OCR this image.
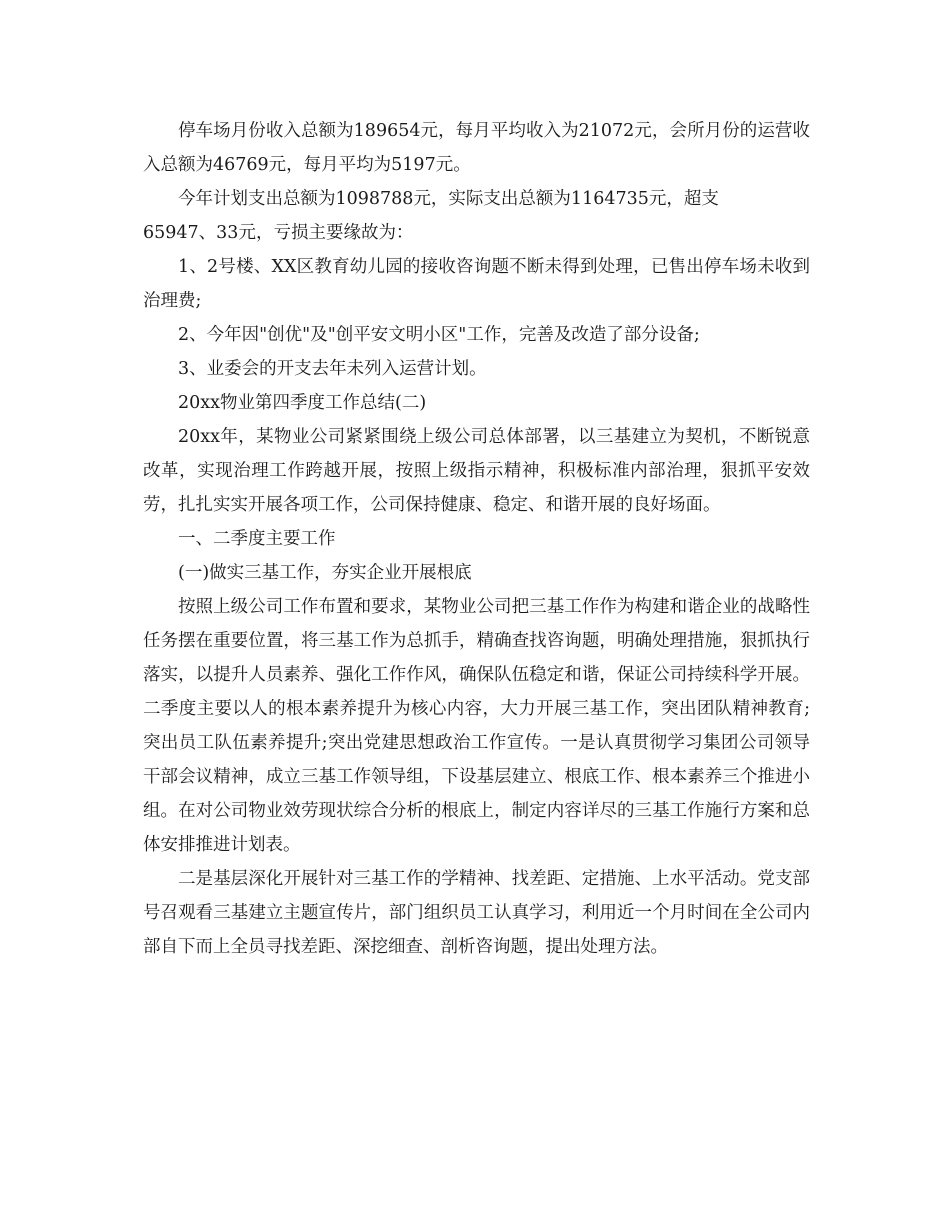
停车场月份收入总额为189654元，每月平均收入为21072元，会所月份的运营收入总额为46769元，每月平均为5197元。

今年计划支出总额为1098788元，实际支出总额为1164735元，超支

65947、33元，亏损主要缘故为：

1、2号楼、XX区教育幼儿园的接收咨询题不断未得到处理，已售出停车场未收到治理费;

2、今年因"创优"及"创平安文明小区"工作，完善及改造了部分设备;

3、业委会的开支去年未列入运营计划。

20xx物业第四季度工作总结(二)

20xx年，某物业公司紧紧围绕上级公司总体部署，以三基建立为契机，不断锐意改革，实现治理工作跨越开展，按照上级指示精神，积极标准内部治理，狠抓平安效劳，扎扎实实开展各项工作，公司保持健康、稳定、和谐开展的良好场面。

一、二季度主要工作

(一)做实三基工作，夯实企业开展根底

按照上级公司工作布置和要求，某物业公司把三基工作作为构建和谐企业的战略性任务摆在重要位置，将三基工作为总抓手，精确查找咨询题，明确处理措施，狠抓执行落实，以提升人员素养、强化工作作风，确保队伍稳定和谐，保证公司持续科学开展。二季度主要以人的根本素养提升为核心内容，大力开展三基工作，突出团队精神教育;突出员工队伍素养提升;突出党建思想政治工作宣传。一是认真贯彻学习集团公司领导干部会议精神，成立三基工作领导组，下设基层建立、根底工作、根本素养三个推进小组。在对公司物业效劳现状综合分析的根底上，制定内容详尽的三基工作施行方案和总体安排推进计划表。

二是基层深化开展针对三基工作的学精神、找差距、定措施、上水平活动。党支部号召观看三基建立主题宣传片，部门组织员工认真学习，利用近一个月时间在全公司内部自下而上全员寻找差距、深挖细查、剖析咨询题，提出处理方法。
